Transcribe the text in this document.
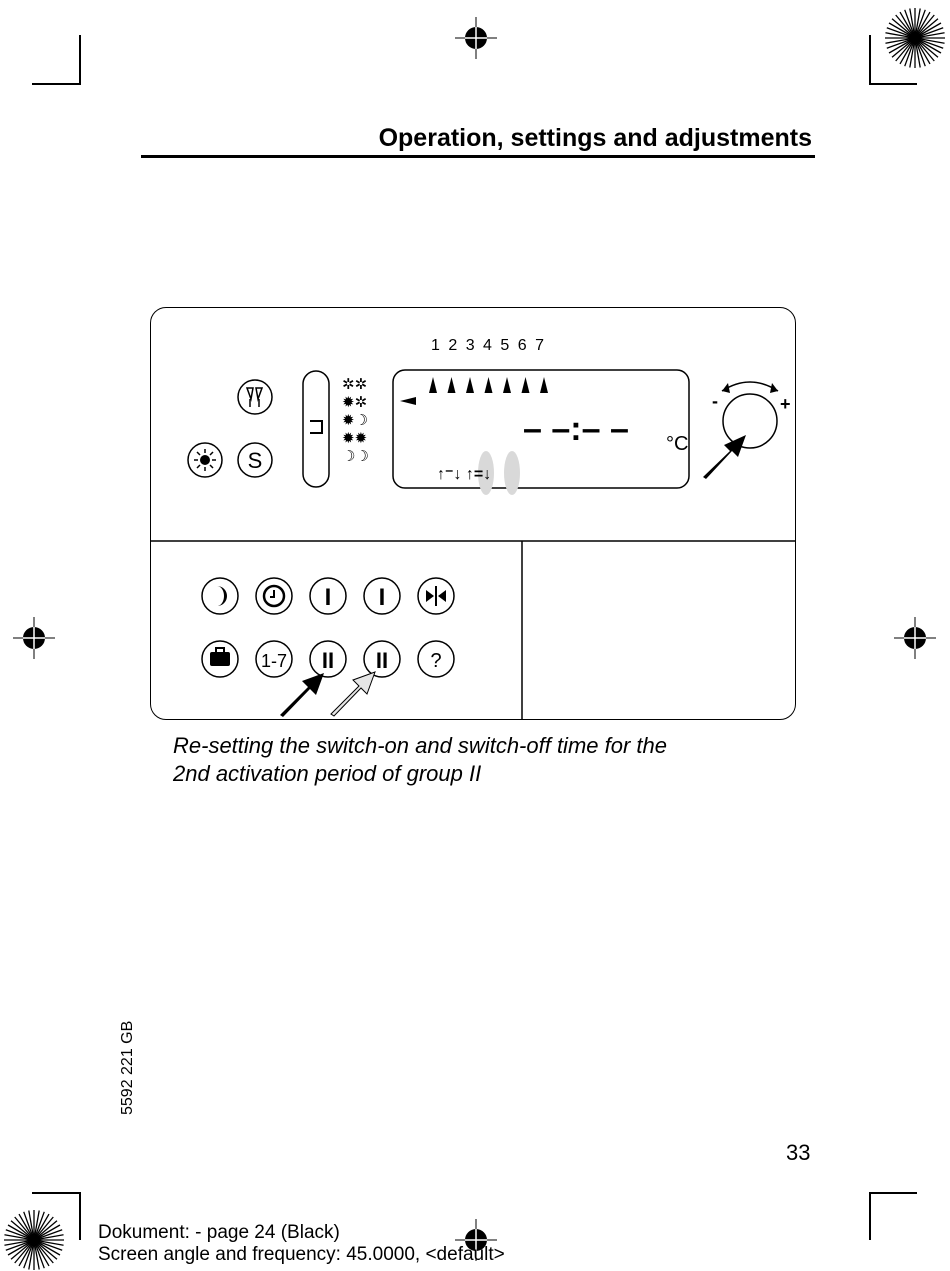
Operation, settings and adjustments
S
✲✲
✹✲
✹☽
✹✹
☽☽
1 2 3 4 5 6 7
– –:– – °C
↑⁻↓ ↑=↓
-	+
I I
1-7 II II ?
Re-setting the switch-on and switch-off time for the
2nd activation period of group II
5592 221 GB
33
Dokument: - page 24 (Black)
Screen angle and frequency: 45.0000, <default>
